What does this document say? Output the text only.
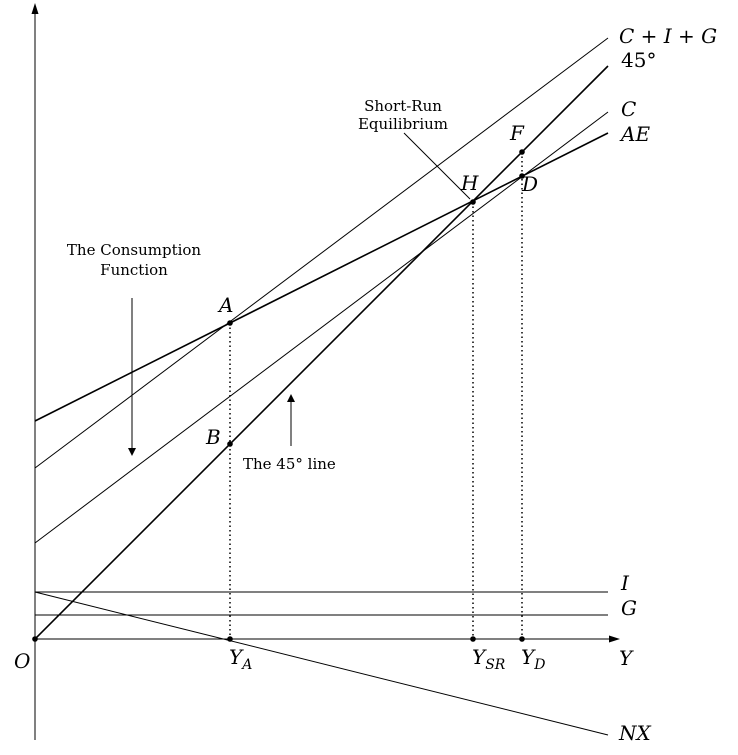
C + I + G
45°
C
AE
I
G
NX
O	Y
A
B
H D
F
$Y_A$	$Y_{SR}$ $Y_D$
Short-Run
Equilibrium
The Consumption
Function
The 45° line
